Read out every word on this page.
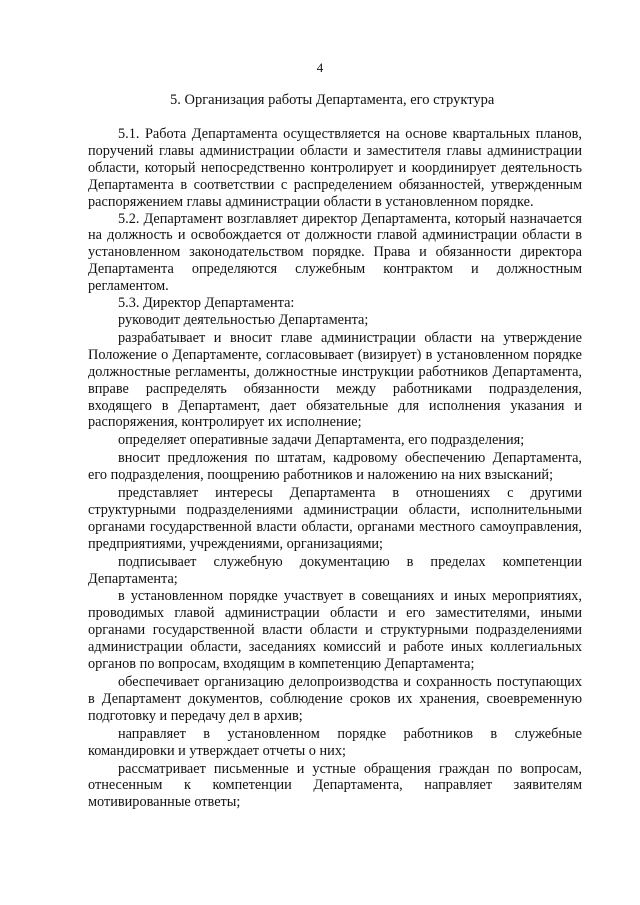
4
5. Организация работы Департамента, его структура

5.1. Работа Департамента осуществляется на основе квартальных планов, поручений главы администрации области и заместителя главы администрации области, который непосредственно контролирует и координирует деятельность Департамента в соответствии с распределением обязанностей, утвержденным распоряжением главы администрации области в установленном порядке.

5.2. Департамент возглавляет директор Департамента, который назначается на должность и освобождается от должности главой администрации области в установленном законодательством порядке. Права и обязанности директора Департамента определяются служебным контрактом и должностным регламентом.

5.3. Директор Департамента:

руководит деятельностью Департамента;

разрабатывает и вносит главе администрации области на утверждение Положение о Департаменте, согласовывает (визирует) в установленном порядке должностные регламенты, должностные инструкции работников Департамента, вправе распределять обязанности между работниками подразделения, входящего в Департамент, дает обязательные для исполнения указания и распоряжения, контролирует их исполнение;

определяет оперативные задачи Департамента, его подразделения;

вносит предложения по штатам, кадровому обеспечению Департамента, его подразделения, поощрению работников и наложению на них взысканий;

представляет интересы Департамента в отношениях с другими структурными подразделениями администрации области, исполнительными органами государственной власти области, органами местного самоуправления, предприятиями, учреждениями, организациями;

подписывает служебную документацию в пределах компетенции Департамента;

в установленном порядке участвует в совещаниях и иных мероприятиях, проводимых главой администрации области и его заместителями, иными органами государственной власти области и структурными подразделениями администрации области, заседаниях комиссий и работе иных коллегиальных органов по вопросам, входящим в компетенцию Департамента;

обеспечивает организацию делопроизводства и сохранность поступающих в Департамент документов, соблюдение сроков их хранения, своевременную подготовку и передачу дел в архив;

направляет в установленном порядке работников в служебные командировки и утверждает отчеты о них;

рассматривает письменные и устные обращения граждан по вопросам, отнесенным к компетенции Департамента, направляет заявителям мотивированные ответы;
